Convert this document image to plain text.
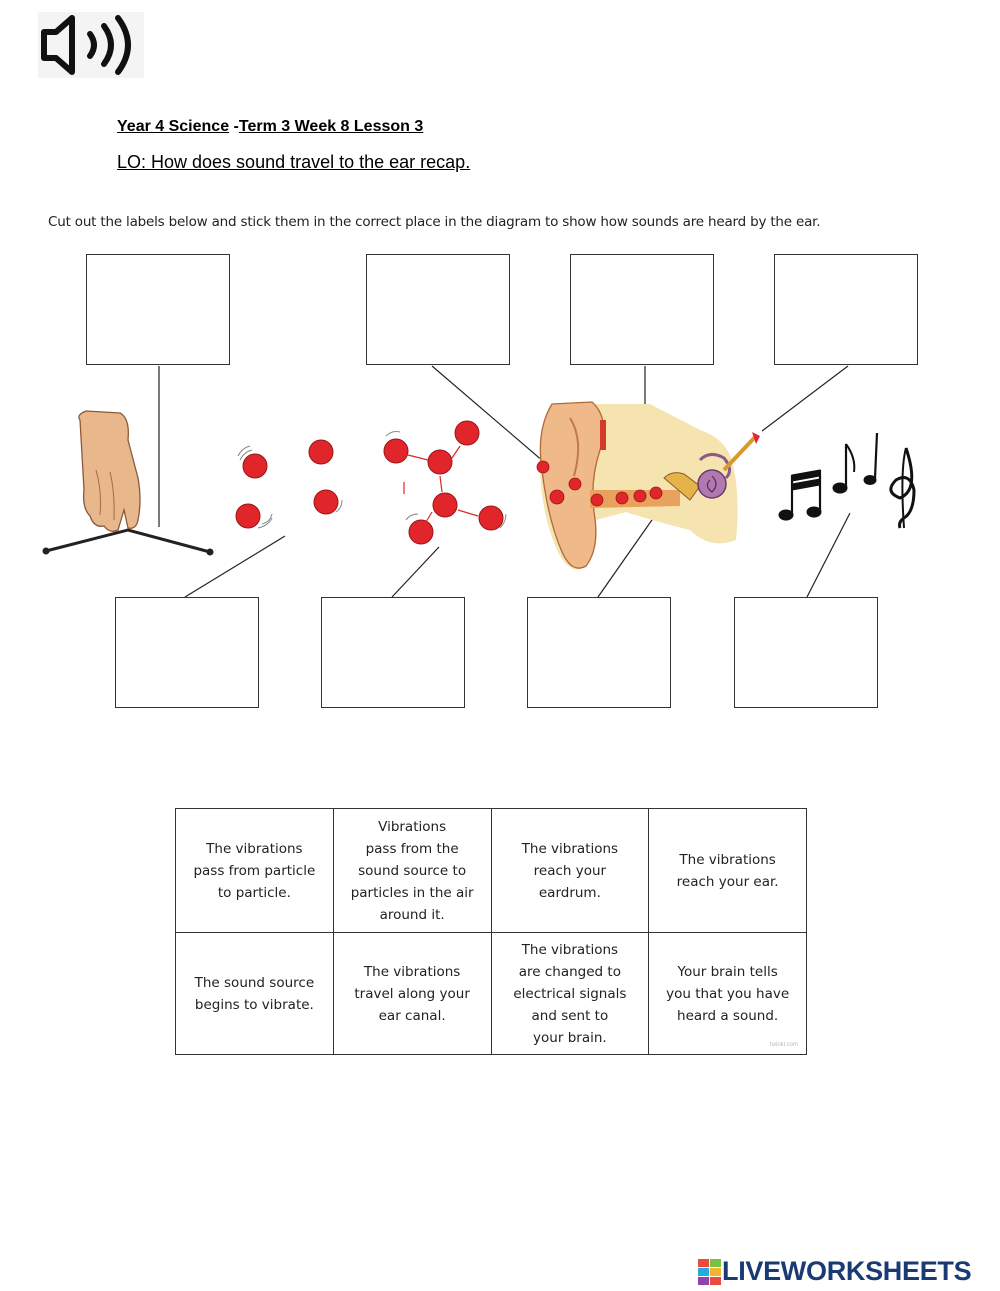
Year 4 Science -Term 3 Week 8 Lesson 3
LO: How does sound travel to the ear recap.
Cut out the labels below and stick them in the correct place in the diagram to show how sounds are heard by the ear.
The vibrations
pass from particle
to particle.	Vibrations
pass from the
sound source to
particles in the air
around it.	The vibrations
reach your
eardrum.	The vibrations
reach your ear.
The sound source
begins to vibrate.	The vibrations
travel along your
ear canal.	The vibrations
are changed to
electrical signals
and sent to
your brain.	Your brain tells
you that you have
heard a sound.
twinkl.com
LIVEWORKSHEETS
